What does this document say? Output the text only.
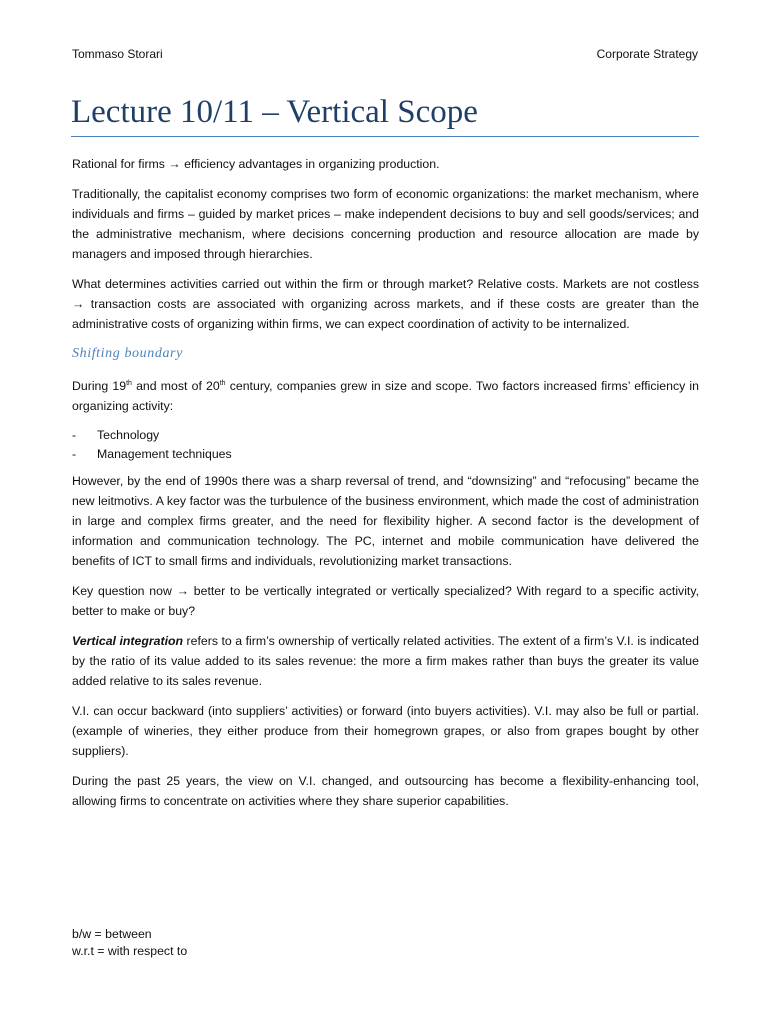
Tommaso Storari	Corporate Strategy
Lecture 10/11 – Vertical Scope

Rational for firms → efficiency advantages in organizing production.

Traditionally, the capitalist economy comprises two form of economic organizations: the market mechanism, where individuals and firms – guided by market prices – make independent decisions to buy and sell goods/services; and the administrative mechanism, where decisions concerning production and resource allocation are made by managers and imposed through hierarchies.

What determines activities carried out within the firm or through market? Relative costs. Markets are not costless → transaction costs are associated with organizing across markets, and if these costs are greater than the administrative costs of organizing within firms, we can expect coordination of activity to be internalized.

Shifting boundary

During 19th and most of 20th century, companies grew in size and scope. Two factors increased firms’ efficiency in organizing activity:

- Technology
- Management techniques

However, by the end of 1990s there was a sharp reversal of trend, and “downsizing” and “refocusing” became the new leitmotivs. A key factor was the turbulence of the business environment, which made the cost of administration in large and complex firms greater, and the need for flexibility higher. A second factor is the development of information and communication technology. The PC, internet and mobile communication have delivered the benefits of ICT to small firms and individuals, revolutionizing market transactions.

Key question now → better to be vertically integrated or vertically specialized? With regard to a specific activity, better to make or buy?

Vertical integration refers to a firm’s ownership of vertically related activities. The extent of a firm’s V.I. is indicated by the ratio of its value added to its sales revenue: the more a firm makes rather than buys the greater its value added relative to its sales revenue.

V.I. can occur backward (into suppliers’ activities) or forward (into buyers activities). V.I. may also be full or partial. (example of wineries, they either produce from their homegrown grapes, or also from grapes bought by other suppliers).

During the past 25 years, the view on V.I. changed, and outsourcing has become a flexibility-enhancing tool, allowing firms to concentrate on activities where they share superior capabilities.

b/w = between
w.r.t = with respect to
